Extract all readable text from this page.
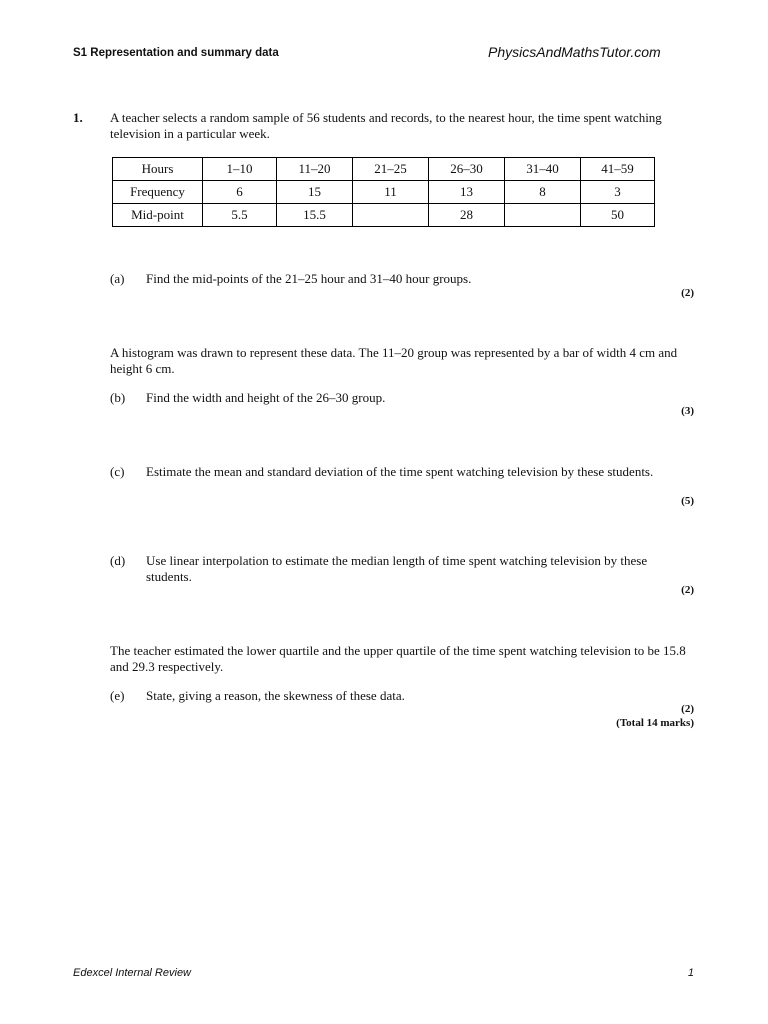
S1 Representation and summary data	PhysicsAndMathsTutor.com
1. A teacher selects a random sample of 56 students and records, to the nearest hour, the time spent watching television in a particular week.
Hours	1–10	11–20	21–25	26–30	31–40	41–59
Frequency	6	15	11	13	8	3
Mid-point	5.5	15.5		28		50
(a) Find the mid-points of the 21–25 hour and 31–40 hour groups.
(2)
A histogram was drawn to represent these data. The 11–20 group was represented by a bar of width 4 cm and height 6 cm.
(b) Find the width and height of the 26–30 group.
(3)
(c) Estimate the mean and standard deviation of the time spent watching television by these students.
(5)
(d) Use linear interpolation to estimate the median length of time spent watching television by these students.
(2)
The teacher estimated the lower quartile and the upper quartile of the time spent watching television to be 15.8 and 29.3 respectively.
(e) State, giving a reason, the skewness of these data.
(2)
(Total 14 marks)
Edexcel Internal Review	1
